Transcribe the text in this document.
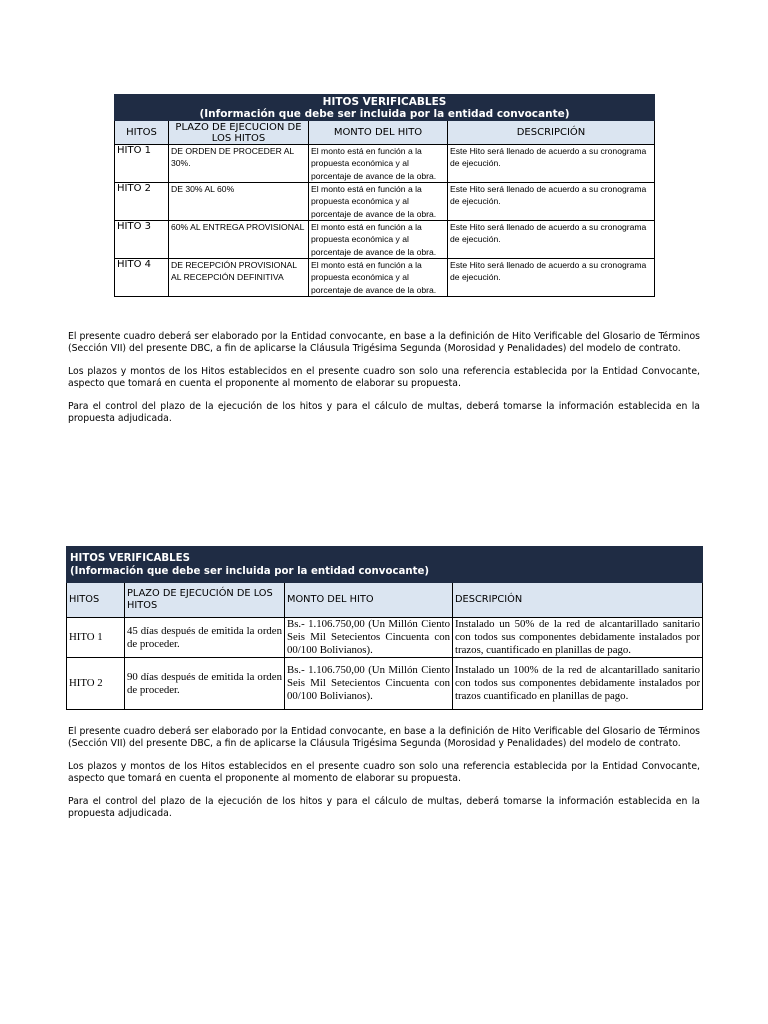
HITOS VERIFICABLES
(Información que debe ser incluida por la entidad convocante)			

HITOS	PLAZO DE EJECUCION DE LOS HITOS	MONTO DEL HITO	DESCRIPCIÓN
HITO 1	DE ORDEN DE PROCEDER AL 30%.	El monto está en función a la propuesta económica y al porcentaje de avance de la obra.	Este Hito será llenado de acuerdo a su cronograma de ejecución.
HITO 2	DE 30% AL 60%	El monto está en función a la propuesta económica y al porcentaje de avance de la obra.	Este Hito será llenado de acuerdo a su cronograma de ejecución.
HITO 3	60% AL ENTREGA PROVISIONAL	El monto está en función a la propuesta económica y al porcentaje de avance de la obra.	Este Hito será llenado de acuerdo a su cronograma de ejecución.
HITO 4	DE RECEPCIÓN PROVISIONAL AL RECEPCIÓN DEFINITIVA	El monto está en función a la propuesta económica y al porcentaje de avance de la obra.	Este Hito será llenado de acuerdo a su cronograma de ejecución.

El presente cuadro deberá ser elaborado por la Entidad convocante, en base a la definición de Hito Verificable del Glosario de Términos (Sección VII) del presente DBC, a fin de aplicarse la Cláusula Trigésima Segunda (Morosidad y Penalidades) del modelo de contrato.

Los plazos y montos de los Hitos establecidos en el presente cuadro son solo una referencia establecida por la Entidad Convocante, aspecto que tomará en cuenta el proponente al momento de elaborar su propuesta.

Para el control del plazo de la ejecución de los hitos y para el cálculo de multas, deberá tomarse la información establecida en la propuesta adjudicada.

HITOS VERIFICABLES
(Información que debe ser incluida por la entidad convocante)			

HITOS	PLAZO DE EJECUCIÓN DE LOS HITOS	MONTO DEL HITO	DESCRIPCIÓN
HITO 1	45 días después de emitida la orden de proceder.	Bs.- 1.106.750,00 (Un Millón Ciento Seis Mil Setecientos Cincuenta con 00/100 Bolivianos).	Instalado un 50% de la red de alcantarillado sanitario con todos sus componentes debidamente instalados por trazos, cuantificado en planillas de pago.
HITO 2	90 días después de emitida la orden de proceder.	Bs.- 1.106.750,00 (Un Millón Ciento Seis Mil Setecientos Cincuenta con 00/100 Bolivianos).	Instalado un 100% de la red de alcantarillado sanitario con todos sus componentes debidamente instalados por trazos cuantificado en planillas de pago.

El presente cuadro deberá ser elaborado por la Entidad convocante, en base a la definición de Hito Verificable del Glosario de Términos (Sección VII) del presente DBC, a fin de aplicarse la Cláusula Trigésima Segunda (Morosidad y Penalidades) del modelo de contrato.

Los plazos y montos de los Hitos establecidos en el presente cuadro son solo una referencia establecida por la Entidad Convocante, aspecto que tomará en cuenta el proponente al momento de elaborar su propuesta.

Para el control del plazo de la ejecución de los hitos y para el cálculo de multas, deberá tomarse la información establecida en la propuesta adjudicada.
